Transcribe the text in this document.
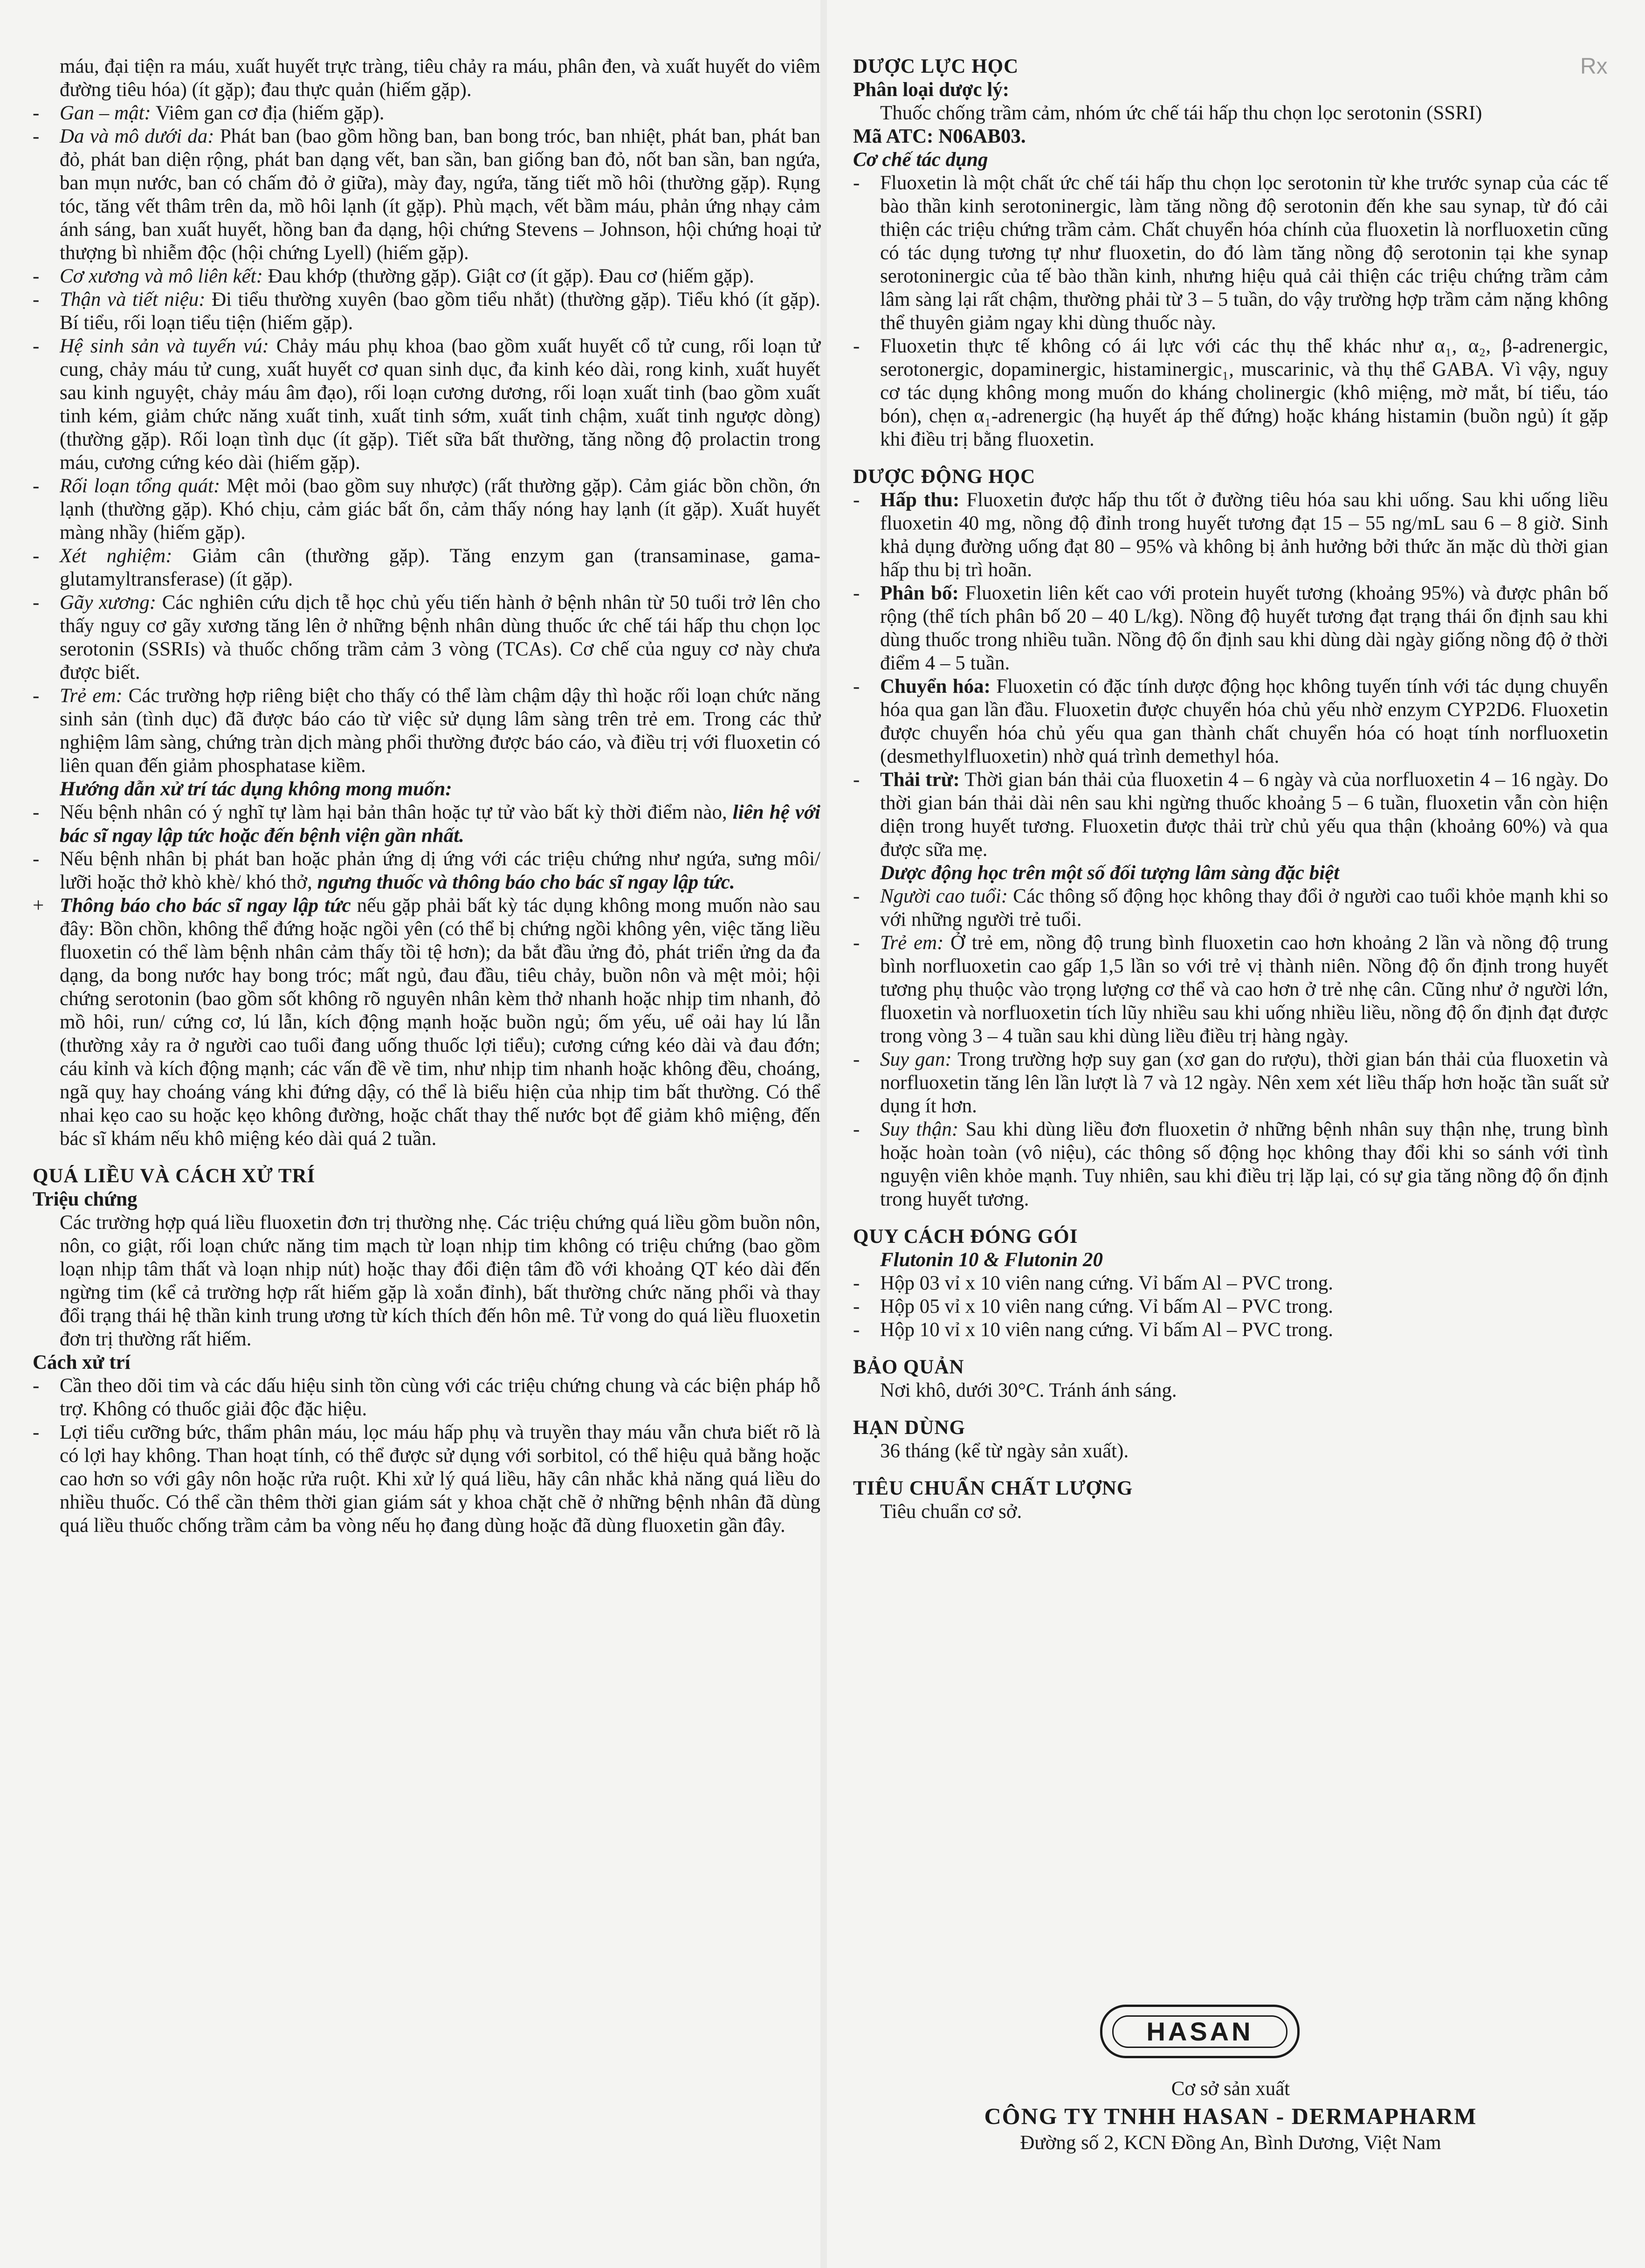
Rx

máu, đại tiện ra máu, xuất huyết trực tràng, tiêu chảy ra máu, phân đen, và xuất huyết do viêm đường tiêu hóa) (ít gặp); đau thực quản (hiếm gặp).

-	Gan – mật: Viêm gan cơ địa (hiếm gặp).
-	Da và mô dưới da: Phát ban (bao gồm hồng ban, ban bong tróc, ban nhiệt, phát ban, phát ban đỏ, phát ban diện rộng, phát ban dạng vết, ban sần, ban giống ban đỏ, nốt ban sần, ban ngứa, ban mụn nước, ban có chấm đỏ ở giữa), mày đay, ngứa, tăng tiết mồ hôi (thường gặp). Rụng tóc, tăng vết thâm trên da, mồ hôi lạnh (ít gặp). Phù mạch, vết bầm máu, phản ứng nhạy cảm ánh sáng, ban xuất huyết, hồng ban đa dạng, hội chứng Stevens – Johnson, hội chứng hoại tử thượng bì nhiễm độc (hội chứng Lyell) (hiếm gặp).
-	Cơ xương và mô liên kết: Đau khớp (thường gặp). Giật cơ (ít gặp). Đau cơ (hiếm gặp).
-	Thận và tiết niệu: Đi tiểu thường xuyên (bao gồm tiểu nhắt) (thường gặp). Tiểu khó (ít gặp). Bí tiểu, rối loạn tiểu tiện (hiếm gặp).
-	Hệ sinh sản và tuyến vú: Chảy máu phụ khoa (bao gồm xuất huyết cổ tử cung, rối loạn tử cung, chảy máu tử cung, xuất huyết cơ quan sinh dục, đa kinh kéo dài, rong kinh, xuất huyết sau kinh nguyệt, chảy máu âm đạo), rối loạn cương dương, rối loạn xuất tinh (bao gồm xuất tinh kém, giảm chức năng xuất tinh, xuất tinh sớm, xuất tinh chậm, xuất tinh ngược dòng) (thường gặp). Rối loạn tình dục (ít gặp). Tiết sữa bất thường, tăng nồng độ prolactin trong máu, cương cứng kéo dài (hiếm gặp).
-	Rối loạn tổng quát: Mệt mỏi (bao gồm suy nhược) (rất thường gặp). Cảm giác bồn chồn, ớn lạnh (thường gặp). Khó chịu, cảm giác bất ổn, cảm thấy nóng hay lạnh (ít gặp). Xuất huyết màng nhầy (hiếm gặp).
-	Xét nghiệm: Giảm cân (thường gặp). Tăng enzym gan (transaminase, gama-glutamyltransferase) (ít gặp).
-	Gãy xương: Các nghiên cứu dịch tễ học chủ yếu tiến hành ở bệnh nhân từ 50 tuổi trở lên cho thấy nguy cơ gãy xương tăng lên ở những bệnh nhân dùng thuốc ức chế tái hấp thu chọn lọc serotonin (SSRIs) và thuốc chống trầm cảm 3 vòng (TCAs). Cơ chế của nguy cơ này chưa được biết.
-	Trẻ em: Các trường hợp riêng biệt cho thấy có thể làm chậm dậy thì hoặc rối loạn chức năng sinh sản (tình dục) đã được báo cáo từ việc sử dụng lâm sàng trên trẻ em. Trong các thử nghiệm lâm sàng, chứng tràn dịch màng phổi thường được báo cáo, và điều trị với fluoxetin có liên quan đến giảm phosphatase kiềm.

Hướng dẫn xử trí tác dụng không mong muốn:

-	Nếu bệnh nhân có ý nghĩ tự làm hại bản thân hoặc tự tử vào bất kỳ thời điểm nào, liên hệ với bác sĩ ngay lập tức hoặc đến bệnh viện gần nhất.
-	Nếu bệnh nhân bị phát ban hoặc phản ứng dị ứng với các triệu chứng như ngứa, sưng môi/ lưỡi hoặc thở khò khè/ khó thở, ngưng thuốc và thông báo cho bác sĩ ngay lập tức.
+ Thông báo cho bác sĩ ngay lập tức nếu gặp phải bất kỳ tác dụng không mong muốn nào sau đây: Bồn chồn, không thể đứng hoặc ngồi yên (có thể bị chứng ngồi không yên, việc tăng liều fluoxetin có thể làm bệnh nhân cảm thấy tồi tệ hơn); da bắt đầu ửng đỏ, phát triển ửng da đa dạng, da bong nước hay bong tróc; mất ngủ, đau đầu, tiêu chảy, buồn nôn và mệt mỏi; hội chứng serotonin (bao gồm sốt không rõ nguyên nhân kèm thở nhanh hoặc nhịp tim nhanh, đỏ mồ hôi, run/ cứng cơ, lú lẫn, kích động mạnh hoặc buồn ngủ; ốm yếu, uể oải hay lú lẫn (thường xảy ra ở người cao tuổi đang uống thuốc lợi tiểu); cương cứng kéo dài và đau đớn; cáu kỉnh và kích động mạnh; các vấn đề về tim, như nhịp tim nhanh hoặc không đều, choáng, ngã quỵ hay choáng váng khi đứng dậy, có thể là biểu hiện của nhịp tim bất thường. Có thể nhai kẹo cao su hoặc kẹo không đường, hoặc chất thay thế nước bọt để giảm khô miệng, đến bác sĩ khám nếu khô miệng kéo dài quá 2 tuần.

QUÁ LIỀU VÀ CÁCH XỬ TRÍ

Triệu chứng

Các trường hợp quá liều fluoxetin đơn trị thường nhẹ. Các triệu chứng quá liều gồm buồn nôn, nôn, co giật, rối loạn chức năng tim mạch từ loạn nhịp tim không có triệu chứng (bao gồm loạn nhịp tâm thất và loạn nhịp nút) hoặc thay đổi điện tâm đồ với khoảng QT kéo dài đến ngừng tim (kể cả trường hợp rất hiếm gặp là xoắn đỉnh), bất thường chức năng phổi và thay đổi trạng thái hệ thần kinh trung ương từ kích thích đến hôn mê. Tử vong do quá liều fluoxetin đơn trị thường rất hiếm.

Cách xử trí

-	Cần theo dõi tim và các dấu hiệu sinh tồn cùng với các triệu chứng chung và các biện pháp hỗ trợ. Không có thuốc giải độc đặc hiệu.
-	Lợi tiểu cưỡng bức, thẩm phân máu, lọc máu hấp phụ và truyền thay máu vẫn chưa biết rõ là có lợi hay không. Than hoạt tính, có thể được sử dụng với sorbitol, có thể hiệu quả bằng hoặc cao hơn so với gây nôn hoặc rửa ruột. Khi xử lý quá liều, hãy cân nhắc khả năng quá liều do nhiều thuốc. Có thể cần thêm thời gian giám sát y khoa chặt chẽ ở những bệnh nhân đã dùng quá liều thuốc chống trầm cảm ba vòng nếu họ đang dùng hoặc đã dùng fluoxetin gần đây.

DƯỢC LỰC HỌC

Phân loại dược lý:

Thuốc chống trầm cảm, nhóm ức chế tái hấp thu chọn lọc serotonin (SSRI)

Mã ATC: N06AB03.

Cơ chế tác dụng

-	Fluoxetin là một chất ức chế tái hấp thu chọn lọc serotonin từ khe trước synap của các tế bào thần kinh serotoninergic, làm tăng nồng độ serotonin đến khe sau synap, từ đó cải thiện các triệu chứng trầm cảm. Chất chuyển hóa chính của fluoxetin là norfluoxetin cũng có tác dụng tương tự như fluoxetin, do đó làm tăng nồng độ serotonin tại khe synap serotoninergic của tế bào thần kinh, nhưng hiệu quả cải thiện các triệu chứng trầm cảm lâm sàng lại rất chậm, thường phải từ 3 – 5 tuần, do vậy trường hợp trầm cảm nặng không thể thuyên giảm ngay khi dùng thuốc này.
-	Fluoxetin thực tế không có ái lực với các thụ thể khác như α₁, α₂, β-adrenergic, serotonergic, dopaminergic, histaminergic₁, muscarinic, và thụ thể GABA. Vì vậy, nguy cơ tác dụng không mong muốn do kháng cholinergic (khô miệng, mờ mắt, bí tiểu, táo bón), chẹn α₁-adrenergic (hạ huyết áp thế đứng) hoặc kháng histamin (buồn ngủ) ít gặp khi điều trị bằng fluoxetin.

DƯỢC ĐỘNG HỌC

-	Hấp thu: Fluoxetin được hấp thu tốt ở đường tiêu hóa sau khi uống. Sau khi uống liều fluoxetin 40 mg, nồng độ đỉnh trong huyết tương đạt 15 – 55 ng/mL sau 6 – 8 giờ. Sinh khả dụng đường uống đạt 80 – 95% và không bị ảnh hưởng bởi thức ăn mặc dù thời gian hấp thu bị trì hoãn.
-	Phân bố: Fluoxetin liên kết cao với protein huyết tương (khoảng 95%) và được phân bố rộng (thể tích phân bố 20 – 40 L/kg). Nồng độ huyết tương đạt trạng thái ổn định sau khi dùng thuốc trong nhiều tuần. Nồng độ ổn định sau khi dùng dài ngày giống nồng độ ở thời điểm 4 – 5 tuần.
-	Chuyển hóa: Fluoxetin có đặc tính dược động học không tuyến tính với tác dụng chuyển hóa qua gan lần đầu. Fluoxetin được chuyển hóa chủ yếu nhờ enzym CYP2D6. Fluoxetin được chuyển hóa chủ yếu qua gan thành chất chuyển hóa có hoạt tính norfluoxetin (desmethylfluoxetin) nhờ quá trình demethyl hóa.
-	Thải trừ: Thời gian bán thải của fluoxetin 4 – 6 ngày và của norfluoxetin 4 – 16 ngày. Do thời gian bán thải dài nên sau khi ngừng thuốc khoảng 5 – 6 tuần, fluoxetin vẫn còn hiện diện trong huyết tương. Fluoxetin được thải trừ chủ yếu qua thận (khoảng 60%) và qua được sữa mẹ.

Dược động học trên một số đối tượng lâm sàng đặc biệt

-	Người cao tuổi: Các thông số động học không thay đổi ở người cao tuổi khỏe mạnh khi so với những người trẻ tuổi.
-	Trẻ em: Ở trẻ em, nồng độ trung bình fluoxetin cao hơn khoảng 2 lần và nồng độ trung bình norfluoxetin cao gấp 1,5 lần so với trẻ vị thành niên. Nồng độ ổn định trong huyết tương phụ thuộc vào trọng lượng cơ thể và cao hơn ở trẻ nhẹ cân. Cũng như ở người lớn, fluoxetin và norfluoxetin tích lũy nhiều sau khi uống nhiều liều, nồng độ ổn định đạt được trong vòng 3 – 4 tuần sau khi dùng liều điều trị hàng ngày.
-	Suy gan: Trong trường hợp suy gan (xơ gan do rượu), thời gian bán thải của fluoxetin và norfluoxetin tăng lên lần lượt là 7 và 12 ngày. Nên xem xét liều thấp hơn hoặc tần suất sử dụng ít hơn.
-	Suy thận: Sau khi dùng liều đơn fluoxetin ở những bệnh nhân suy thận nhẹ, trung bình hoặc hoàn toàn (vô niệu), các thông số động học không thay đổi khi so sánh với tình nguyện viên khỏe mạnh. Tuy nhiên, sau khi điều trị lặp lại, có sự gia tăng nồng độ ổn định trong huyết tương.

QUY CÁCH ĐÓNG GÓI

Flutonin 10 & Flutonin 20

-	Hộp 03 vỉ x 10 viên nang cứng. Vỉ bấm Al – PVC trong.
-	Hộp 05 vỉ x 10 viên nang cứng. Vỉ bấm Al – PVC trong.
-	Hộp 10 vỉ x 10 viên nang cứng. Vỉ bấm Al – PVC trong.

BẢO QUẢN

Nơi khô, dưới 30°C. Tránh ánh sáng.

HẠN DÙNG

36 tháng (kể từ ngày sản xuất).

TIÊU CHUẨN CHẤT LƯỢNG

Tiêu chuẩn cơ sở.

HASAN
Cơ sở sản xuất
CÔNG TY TNHH HASAN - DERMAPHARM
Đường số 2, KCN Đồng An, Bình Dương, Việt Nam
